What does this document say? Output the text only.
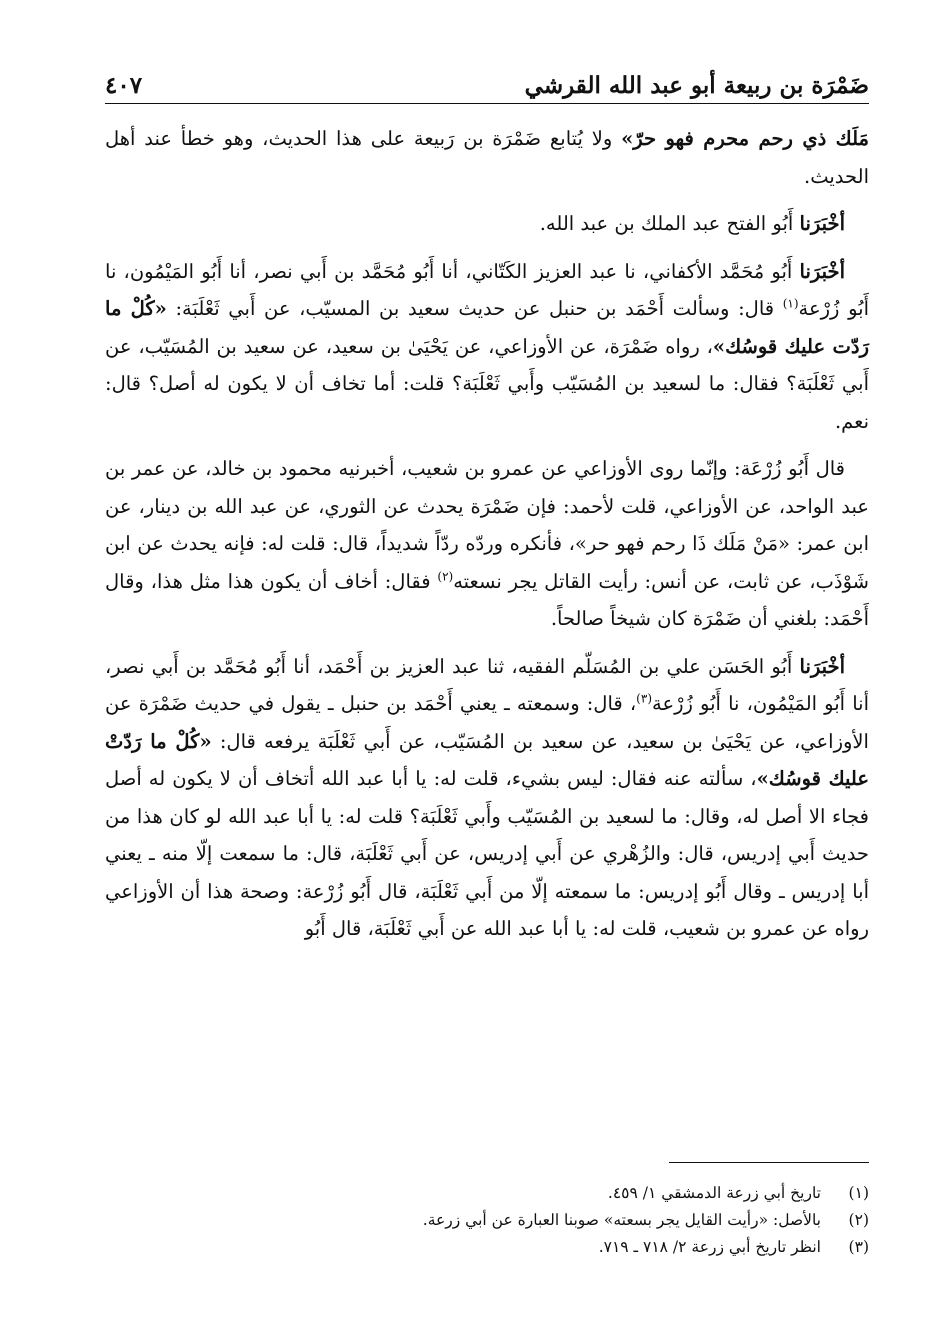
ضَمْرَة بن ربيعة أبو عبد الله القرشي
٤٠٧

مَلَك ذي رحم محرم فهو حرّ» ولا يُتابع ضَمْرَة بن رَبيعة على هذا الحديث، وهو خطأ عند أهل الحديث.

أخْبَرَنا أَبُو الفتح عبد الملك بن عبد الله.

أخْبَرَنا أَبُو مُحَمَّد الأكفاني، نا عبد العزيز الكَتّاني، أنا أَبُو مُحَمَّد بن أَبي نصر، أنا أَبُو المَيْمُون، نا أَبُو زُرْعة$^{(١)}$ قال: وسألت أَحْمَد بن حنبل عن حديث سعيد بن المسيّب، عن أَبي ثَعْلَبَة: «كُلْ ما رَدّت عليك قوسُك»، رواه ضَمْرَة، عن الأوزاعي، عن يَحْيَىٰ بن سعيد، عن سعيد بن المُسَيّب، عن أَبي ثَعْلَبَة؟ فقال: ما لسعيد بن المُسَيّب وأَبي ثَعْلَبَة؟ قلت: أما تخاف أن لا يكون له أصل؟ قال: نعم.

قال أَبُو زُرْعَة: وإنّما روى الأوزاعي عن عمرو بن شعيب، أخبرنيه محمود بن خالد، عن عمر بن عبد الواحد، عن الأوزاعي، قلت لأحمد: فإن ضَمْرَة يحدث عن الثوري، عن عبد الله بن دينار، عن ابن عمر: «مَنْ مَلَك ذَا رحم فهو حر»، فأنكره وردّه ردّاً شديداً، قال: قلت له: فإنه يحدث عن ابن شَوْذَب، عن ثابت، عن أنس: رأيت القاتل يجر نسعته$^{(٢)}$ فقال: أخاف أن يكون هذا مثل هذا، وقال أَحْمَد: بلغني أن ضَمْرَة كان شيخاً صالحاً.

أخْبَرَنا أَبُو الحَسَن علي بن المُسَلّم الفقيه، ثنا عبد العزيز بن أَحْمَد، أنا أَبُو مُحَمَّد بن أَبي نصر، أنا أَبُو المَيْمُون، نا أَبُو زُرْعة$^{(٣)}$، قال: وسمعته ـ يعني أَحْمَد بن حنبل ـ يقول في حديث ضَمْرَة عن الأوزاعي، عن يَحْيَىٰ بن سعيد، عن سعيد بن المُسَيّب، عن أَبي ثَعْلَبَة يرفعه قال: «كُلْ ما رَدّتْ عليك قوسُك»، سألته عنه فقال: ليس بشيء، قلت له: يا أبا عبد الله أتخاف أن لا يكون له أصل فجاء الا أصل له، وقال: ما لسعيد بن المُسَيّب وأَبي ثَعْلَبَة؟ قلت له: يا أبا عبد الله لو كان هذا من حديث أَبي إدريس، قال: والزُهْري عن أَبي إدريس، عن أَبي ثَعْلَبَة، قال: ما سمعت إلّا منه ـ يعني أبا إدريس ـ وقال أَبُو إدريس: ما سمعته إلّا من أَبي ثَعْلَبَة، قال أَبُو زُرْعة: وصحة هذا أن الأوزاعي رواه عن عمرو بن شعيب، قلت له: يا أبا عبد الله عن أَبي ثَعْلَبَة، قال أَبُو

(١)
تاريخ أبي زرعة الدمشقي ١/ ٤٥٩.
(٢)
بالأصل: «رأيت القايل يجر بسعته» صوبنا العبارة عن أبي زرعة.
(٣)
انظر تاريخ أبي زرعة ٢/ ٧١٨ ـ ٧١٩.
